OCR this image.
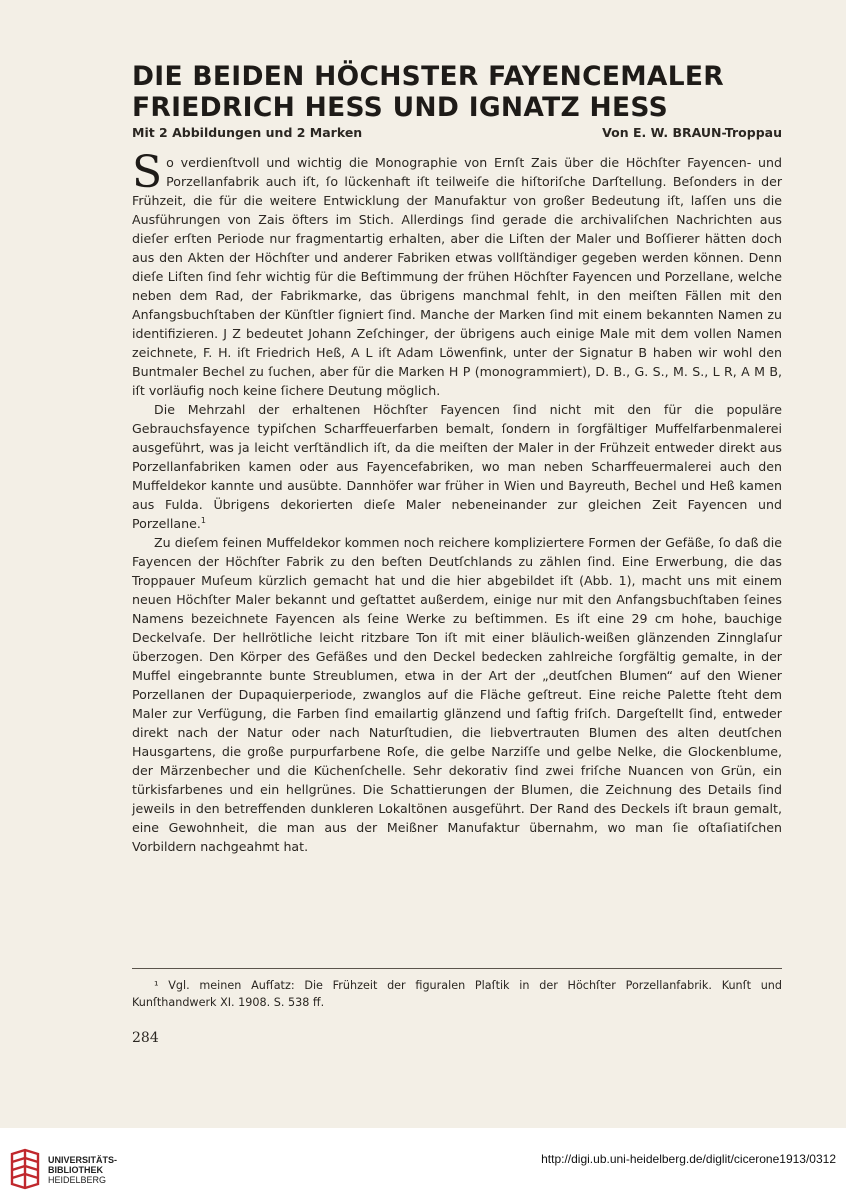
DIE BEIDEN HÖCHSTER FAYENCEMALER
FRIEDRICH HESS UND IGNATZ HESS
Mit 2 Abbildungen und 2 Marken	Von E. W. BRAUN-Troppau

So verdienſtvoll und wichtig die Monographie von Ernſt Zais über die Höchſter Fayencen- und Porzellanfabrik auch iſt, ſo lückenhaft iſt teilweiſe die hiſtoriſche Darſtellung. Beſonders in der Frühzeit, die für die weitere Entwicklung der Manufaktur von großer Bedeutung iſt, laſſen uns die Ausführungen von Zais öfters im Stich. Allerdings ſind gerade die archivaliſchen Nachrichten aus dieſer erſten Periode nur fragmentartig erhalten, aber die Liſten der Maler und Boſſierer hätten doch aus den Akten der Höchſter und anderer Fabriken etwas vollſtändiger gegeben werden können. Denn dieſe Liſten ſind ſehr wichtig für die Beſtimmung der frühen Höchſter Fayencen und Porzellane, welche neben dem Rad, der Fabrikmarke, das übrigens manchmal fehlt, in den meiſten Fällen mit den Anfangsbuchſtaben der Künſtler ſigniert ſind. Manche der Marken ſind mit einem bekannten Namen zu identifizieren. J Z bedeutet Johann Zeſchinger, der übrigens auch einige Male mit dem vollen Namen zeichnete, F. H. iſt Friedrich Heß, A L iſt Adam Löwenfink, unter der Signatur B haben wir wohl den Buntmaler Bechel zu ſuchen, aber für die Marken H P (monogrammiert), D. B., G. S., M. S., L R, A M B, iſt vorläufig noch keine ſichere Deutung möglich.

Die Mehrzahl der erhaltenen Höchſter Fayencen ſind nicht mit den für die populäre Gebrauchsfayence typiſchen Scharffeuerfarben bemalt, ſondern in ſorgfältiger Muffelfarbenmalerei ausgeführt, was ja leicht verſtändlich iſt, da die meiſten der Maler in der Frühzeit entweder direkt aus Porzellanfabriken kamen oder aus Fayencefabriken, wo man neben Scharffeuermalerei auch den Muffeldekor kannte und ausübte. Dannhöfer war früher in Wien und Bayreuth, Bechel und Heß kamen aus Fulda. Übrigens dekorierten dieſe Maler nebeneinander zur gleichen Zeit Fayencen und Porzellane.$^1$

Zu dieſem feinen Muffeldekor kommen noch reichere kompliziertere Formen der Gefäße, ſo daß die Fayencen der Höchſter Fabrik zu den beſten Deutſchlands zu zählen ſind. Eine Erwerbung, die das Troppauer Muſeum kürzlich gemacht hat und die hier abgebildet iſt (Abb. 1), macht uns mit einem neuen Höchſter Maler bekannt und geſtattet außerdem, einige nur mit den Anfangsbuchſtaben ſeines Namens bezeichnete Fayencen als ſeine Werke zu beſtimmen. Es iſt eine 29 cm hohe, bauchige Deckelvaſe. Der hellrötliche leicht ritzbare Ton iſt mit einer bläulich-weißen glänzenden Zinnglaſur überzogen. Den Körper des Gefäßes und den Deckel bedecken zahlreiche ſorgfältig gemalte, in der Muffel eingebrannte bunte Streublumen, etwa in der Art der „deutſchen Blumen“ auf den Wiener Porzellanen der Dupaquierperiode, zwanglos auf die Fläche geſtreut. Eine reiche Palette ſteht dem Maler zur Verfügung, die Farben ſind emailartig glänzend und ſaftig friſch. Dargeſtellt ſind, entweder direkt nach der Natur oder nach Naturſtudien, die liebvertrauten Blumen des alten deutſchen Hausgartens, die große purpurfarbene Roſe, die gelbe Narziſſe und gelbe Nelke, die Glockenblume, der Märzenbecher und die Küchenſchelle. Sehr dekorativ ſind zwei friſche Nuancen von Grün, ein türkisfarbenes und ein hellgrünes. Die Schattierungen der Blumen, die Zeichnung des Details ſind jeweils in den betreffenden dunkleren Lokaltönen ausgeführt. Der Rand des Deckels iſt braun gemalt, eine Gewohnheit, die man aus der Meißner Manufaktur übernahm, wo man ſie oſtaſiatiſchen Vorbildern nachgeahmt hat.

¹ Vgl. meinen Aufſatz: Die Frühzeit der figuralen Plaſtik in der Höchſter Porzellanfabrik. Kunſt und Kunſthandwerk XI. 1908. S. 538 ff.
284
UNIVERSITÄTS-
BIBLIOTHEK
HEIDELBERG
http://digi.ub.uni-heidelberg.de/diglit/cicerone1913/0312
